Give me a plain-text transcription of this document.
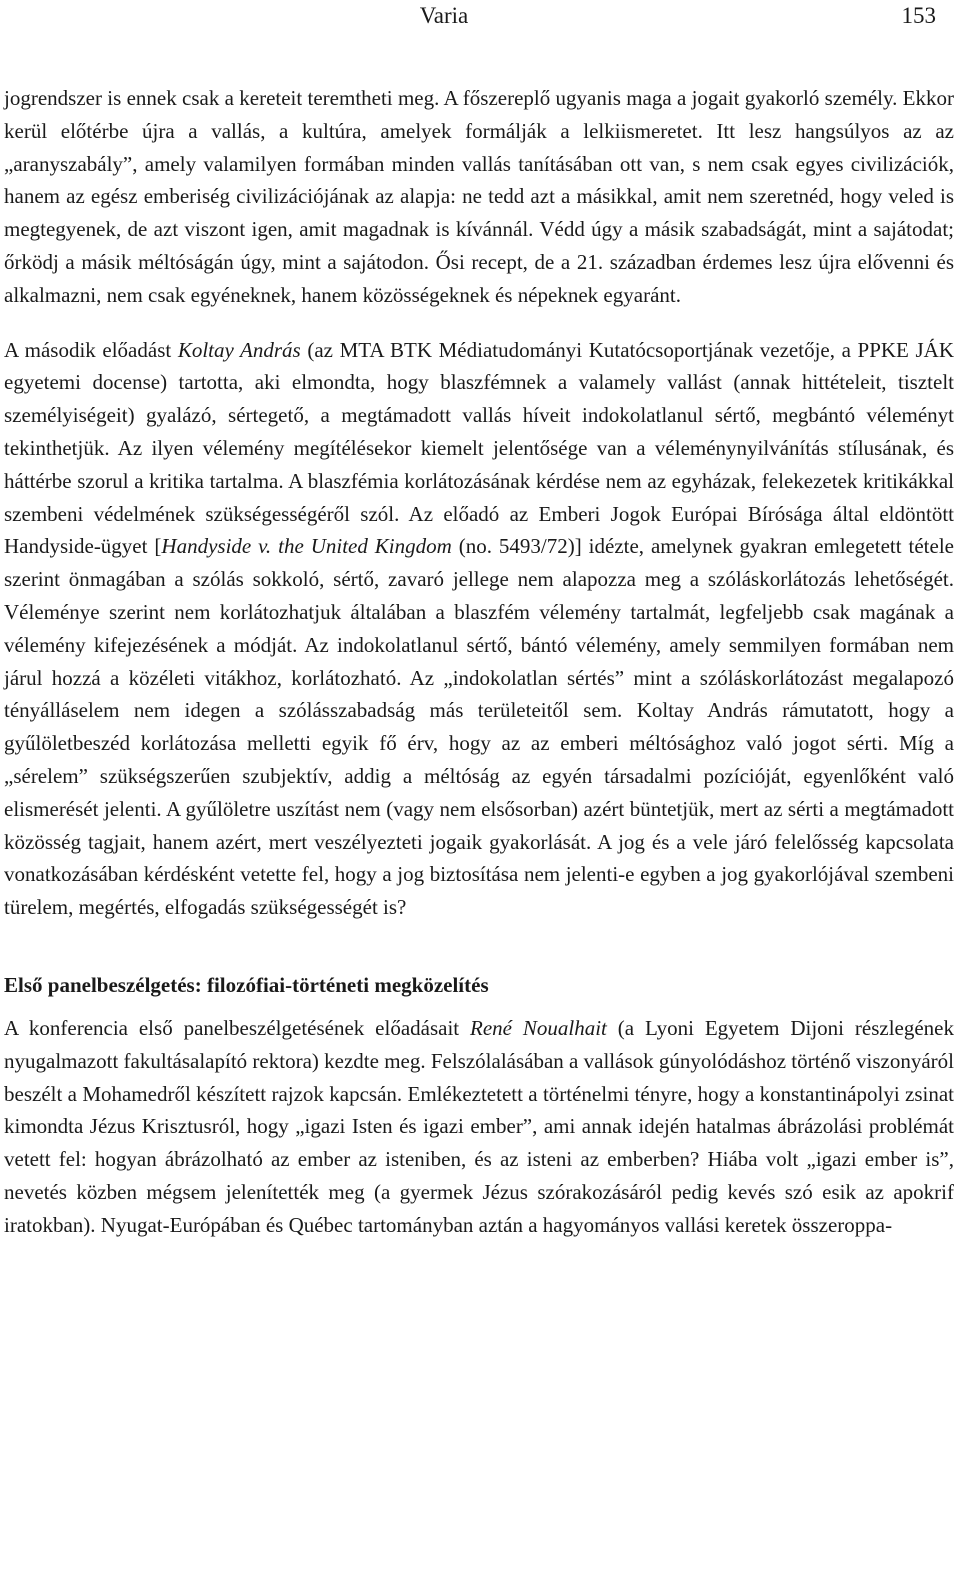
Varia	153

jogrendszer is ennek csak a kereteit teremtheti meg. A főszereplő ugyanis maga a jogait gyakorló személy. Ekkor kerül előtérbe újra a vallás, a kultúra, amelyek formálják a lelkiismeretet. Itt lesz hangsúlyos az az „aranyszabály”, amely valamilyen formában minden vallás tanításában ott van, s nem csak egyes civilizációk, hanem az egész emberiség civilizációjának az alapja: ne tedd azt a másikkal, amit nem szeretnéd, hogy veled is megtegyenek, de azt viszont igen, amit magadnak is kívánnál. Védd úgy a másik szabadságát, mint a sajátodat; őrködj a másik méltóságán úgy, mint a sajátodon. Ősi recept, de a 21. században érdemes lesz újra elővenni és alkalmazni, nem csak egyéneknek, hanem közösségeknek és népeknek egyaránt.

A második előadást Koltay András (az MTA BTK Médiatudományi Kutatócsoportjának vezetője, a PPKE JÁK egyetemi docense) tartotta, aki elmondta, hogy blaszfémnek a valamely vallást (annak hittételeit, tisztelt személyiségeit) gyalázó, sértegető, a megtámadott vallás híveit indokolatlanul sértő, megbántó véleményt tekinthetjük. Az ilyen vélemény megítélésekor kiemelt jelentősége van a véleménynyilvánítás stílusának, és háttérbe szorul a kritika tartalma. A blaszfémia korlátozásának kérdése nem az egyházak, felekezetek kritikákkal szembeni védelmének szükségességéről szól. Az előadó az Emberi Jogok Európai Bírósága által eldöntött Handyside-ügyet [Handyside v. the United Kingdom (no. 5493/72)] idézte, amelynek gyakran emlegetett tétele szerint önmagában a szólás sokkoló, sértő, zavaró jellege nem alapozza meg a szóláskorlátozás lehetőségét. Véleménye szerint nem korlátozhatjuk általában a blaszfém vélemény tartalmát, legfeljebb csak magának a vélemény kifejezésének a módját. Az indokolatlanul sértő, bántó vélemény, amely semmilyen formában nem járul hozzá a közéleti vitákhoz, korlátozható. Az „indokolatlan sértés” mint a szóláskorlátozást megalapozó tényálláselem nem idegen a szólásszabadság más területeitől sem. Koltay András rámutatott, hogy a gyűlöletbeszéd korlátozása melletti egyik fő érv, hogy az az emberi méltósághoz való jogot sérti. Míg a „sérelem” szükségszerűen szubjektív, addig a méltóság az egyén társadalmi pozícióját, egyenlőként való elismerését jelenti. A gyűlöletre uszítást nem (vagy nem elsősorban) azért büntetjük, mert az sérti a megtámadott közösség tagjait, hanem azért, mert veszélyezteti jogaik gyakorlását. A jog és a vele járó felelősség kapcsolata vonatkozásában kérdésként vetette fel, hogy a jog biztosítása nem jelenti-e egyben a jog gyakorlójával szembeni türelem, megértés, elfogadás szükségességét is?

Első panelbeszélgetés: filozófiai-történeti megközelítés

A konferencia első panelbeszélgetésének előadásait René Noualhait (a Lyoni Egyetem Dijoni részlegének nyugalmazott fakultásalapító rektora) kezdte meg. Felszólalásában a vallások gúnyolódáshoz történő viszonyáról beszélt a Mohamedről készített rajzok kapcsán. Emlékeztetett a történelmi tényre, hogy a konstantinápolyi zsinat kimondta Jézus Krisztusról, hogy „igazi Isten és igazi ember”, ami annak idején hatalmas ábrázolási problémát vetett fel: hogyan ábrázolható az ember az isteniben, és az isteni az emberben? Hiába volt „igazi ember is”, nevetés közben mégsem jelenítették meg (a gyermek Jézus szórakozásáról pedig kevés szó esik az apokrif iratokban). Nyugat-Európában és Québec tartományban aztán a hagyományos vallási keretek összeroppa-
